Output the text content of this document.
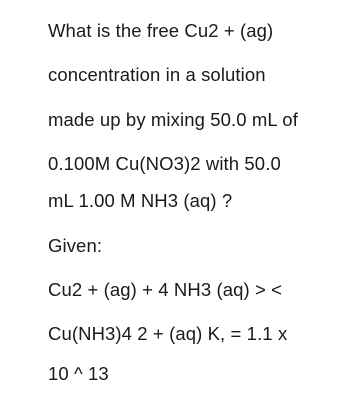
What is the free Cu2 + (ag)
concentration in a solution
made up by mixing 50.0 mL of
0.100M Cu(NO3)2 with 50.0
mL 1.00 M NH3 (aq) ?
Given:
Cu2 + (ag) + 4 NH3 (aq) > <
Cu(NH3)4 2 + (aq) K, = 1.1 x
10 ^ 13
